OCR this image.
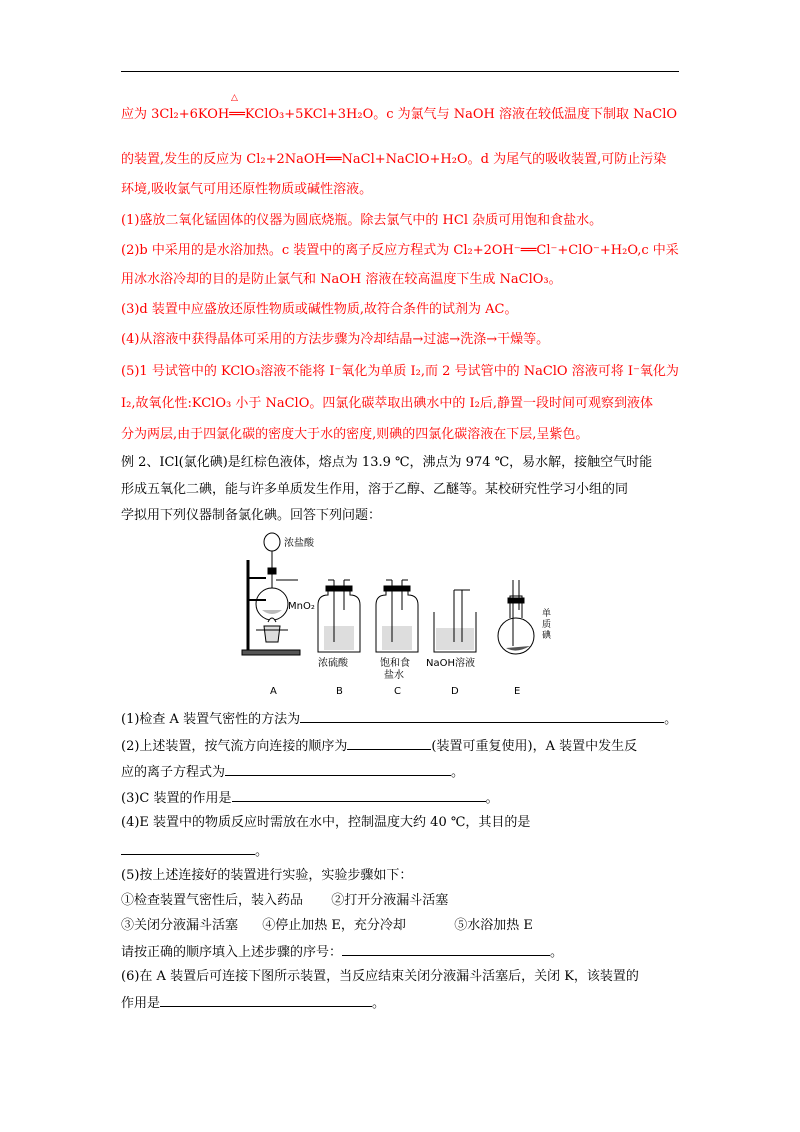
△
应为 3Cl₂+6KOH══KClO₃+5KCl+3H₂O。c 为氯气与 NaOH 溶液在较低温度下制取 NaClO
的装置,发生的反应为 Cl₂+2NaOH══NaCl+NaClO+H₂O。d 为尾气的吸收装置,可防止污染
环境,吸收氯气可用还原性物质或碱性溶液。
(1)盛放二氧化锰固体的仪器为圆底烧瓶。除去氯气中的 HCl 杂质可用饱和食盐水。
(2)b 中采用的是水浴加热。c 装置中的离子反应方程式为 Cl₂+2OH⁻══Cl⁻+ClO⁻+H₂O,c 中采
用冰水浴冷却的目的是防止氯气和 NaOH 溶液在较高温度下生成 NaClO₃。
(3)d 装置中应盛放还原性物质或碱性物质,故符合条件的试剂为 AC。
(4)从溶液中获得晶体可采用的方法步骤为冷却结晶→过滤→洗涤→干燥等。
(5)1 号试管中的 KClO₃溶液不能将 I⁻氧化为单质 I₂,而 2 号试管中的 NaClO 溶液可将 I⁻氧化为
I₂,故氧化性:KClO₃ 小于 NaClO。四氯化碳萃取出碘水中的 I₂后,静置一段时间可观察到液体
分为两层,由于四氯化碳的密度大于水的密度,则碘的四氯化碳溶液在下层,呈紫色。
例 2、ICl(氯化碘)是红棕色液体，熔点为 13.9 ℃，沸点为 974 ℃，易水解，接触空气时能
形成五氧化二碘，能与许多单质发生作用，溶于乙醇、乙醚等。某校研究性学习小组的同
学拟用下列仪器制备氯化碘。回答下列问题：
浓盐酸
MnO₂
浓硫酸	饱和食
盐水
NaOH溶液
单
质
碘
A	B	C	D	E
(1)检查 A 装置气密性的方法为	。
(2)上述装置，按气流方向连接的顺序为	(装置可重复使用)，A 装置中发生反
应的离子方程式为	。
(3)C 装置的作用是	。
(4)E 装置中的物质反应时需放在水中，控制温度大约 40 ℃，其目的是
。
(5)按上述连接好的装置进行实验，实验步骤如下：
①检查装置气密性后，装入药品 ②打开分液漏斗活塞
③关闭分液漏斗活塞 ④停止加热 E，充分冷却	⑤水浴加热 E
请按正确的顺序填入上述步骤的序号：	。
(6)在 A 装置后可连接下图所示装置，当反应结束关闭分液漏斗活塞后，关闭 K，该装置的
作用是	。
